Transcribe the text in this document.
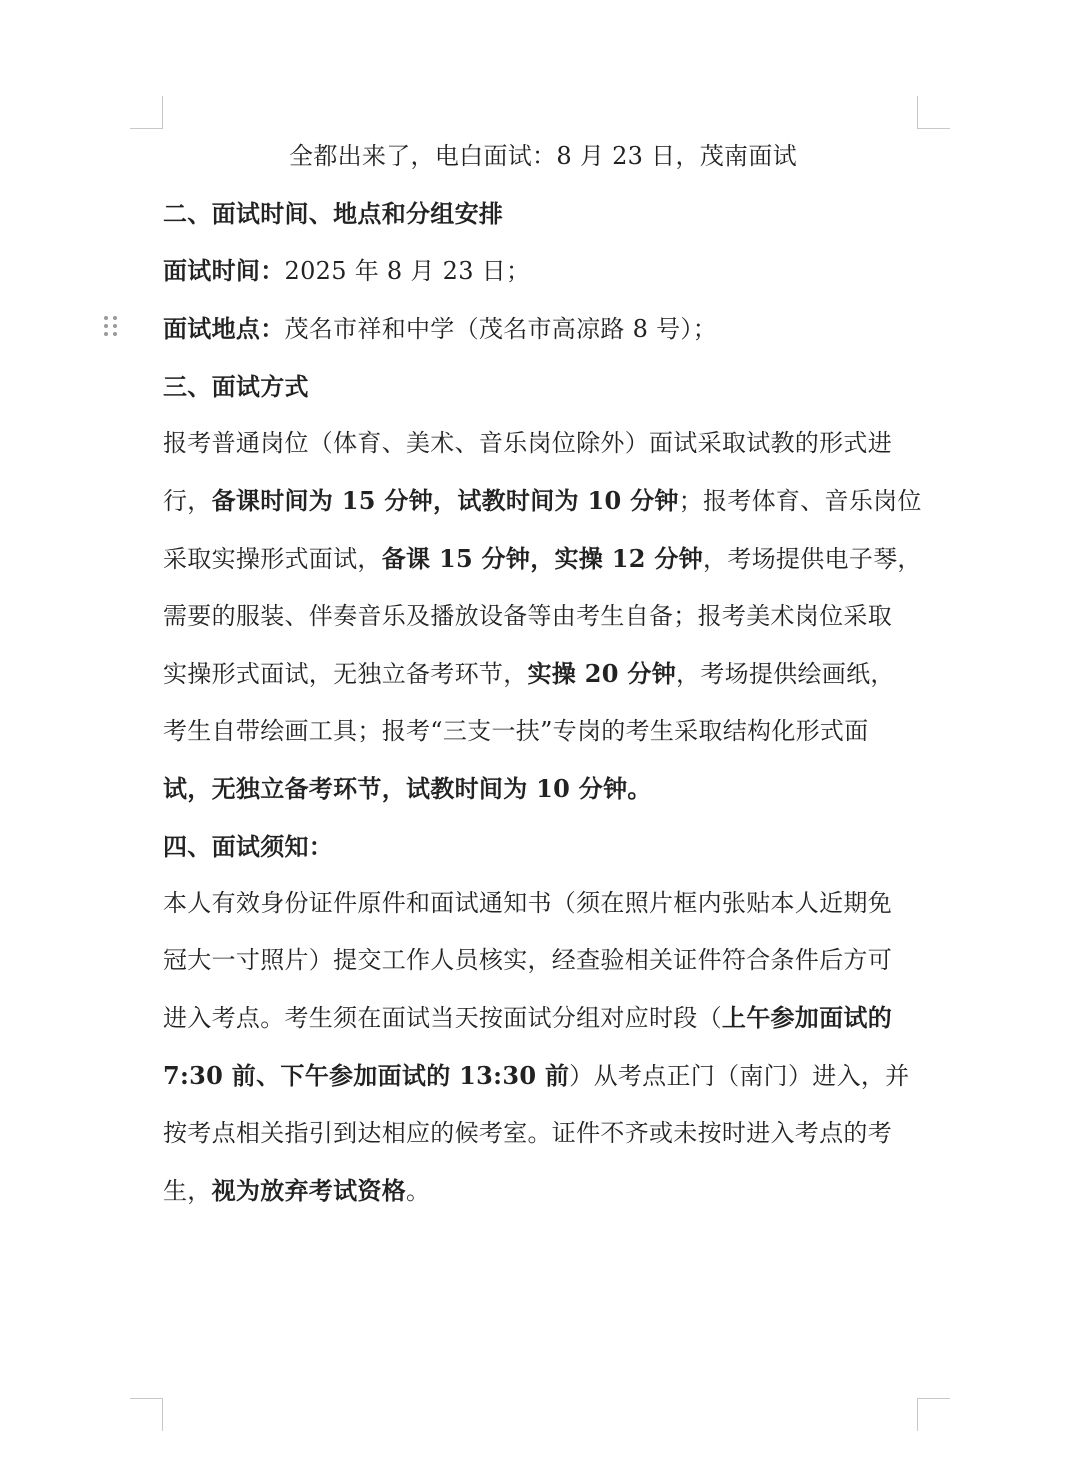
全都出来了，电白面试：8 月 23 日，茂南面试

二、面试时间、地点和分组安排

面试时间：2025 年 8 月 23 日；

面试地点：茂名市祥和中学（茂名市高凉路 8 号）；

三、面试方式

报考普通岗位（体育、美术、音乐岗位除外）面试采取试教的形式进

行，备课时间为 15 分钟，试教时间为 10 分钟；报考体育、音乐岗位

采取实操形式面试，备课 15 分钟，实操 12 分钟，考场提供电子琴，

需要的服装、伴奏音乐及播放设备等由考生自备；报考美术岗位采取

实操形式面试，无独立备考环节，实操 20 分钟，考场提供绘画纸，

考生自带绘画工具；报考“三支一扶”专岗的考生采取结构化形式面

试，无独立备考环节，试教时间为 10 分钟。

四、面试须知：

本人有效身份证件原件和面试通知书（须在照片框内张贴本人近期免

冠大一寸照片）提交工作人员核实，经查验相关证件符合条件后方可

进入考点。考生须在面试当天按面试分组对应时段（上午参加面试的

7:30 前、下午参加面试的 13:30 前）从考点正门（南门）进入，并

按考点相关指引到达相应的候考室。证件不齐或未按时进入考点的考

生，视为放弃考试资格。
